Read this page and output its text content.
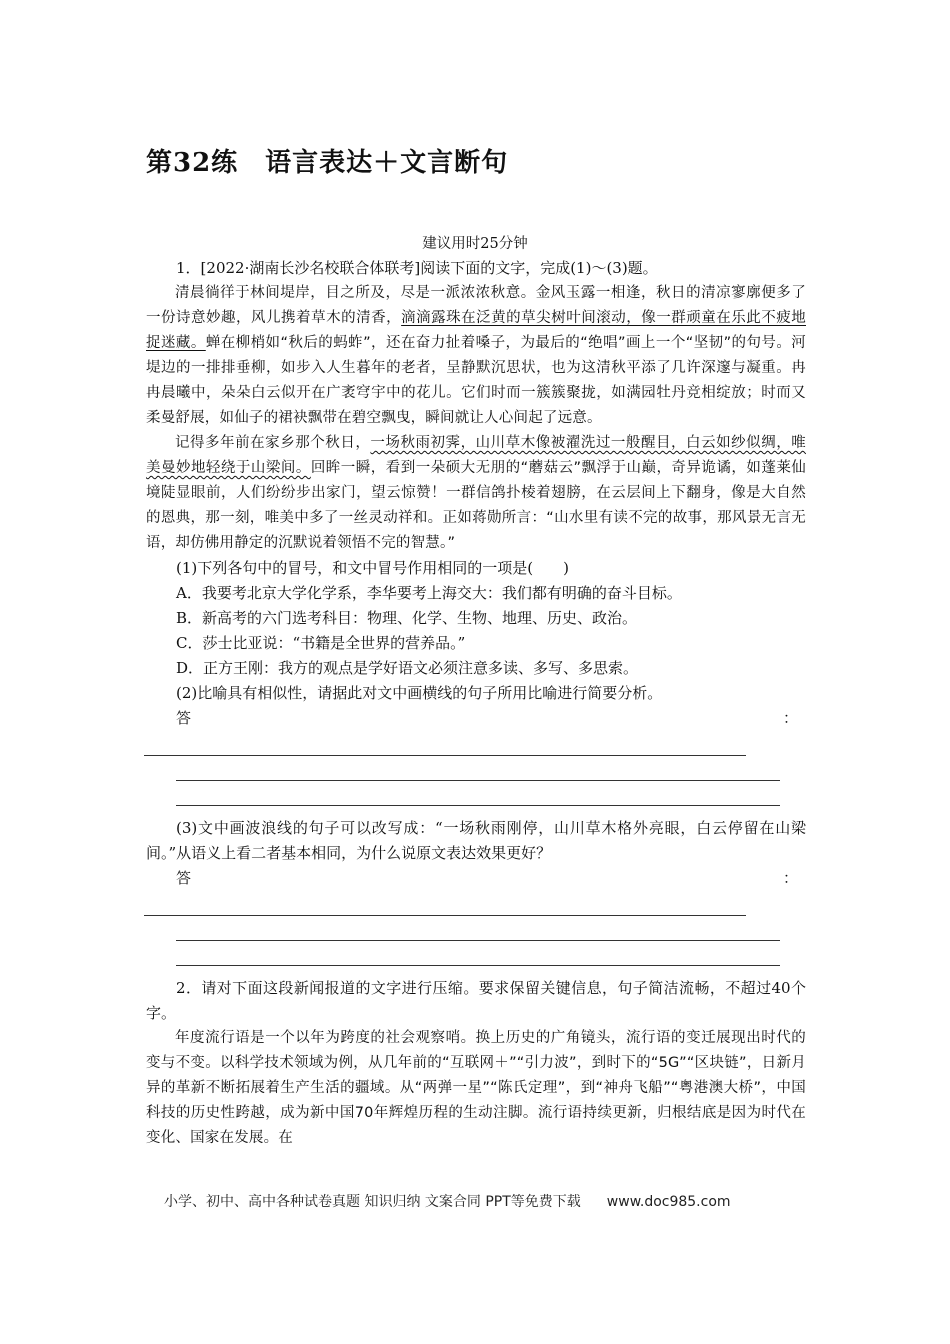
第32练　语言表达＋文言断句
建议用时25分钟

1．[2022·湖南长沙名校联合体联考]阅读下面的文字，完成(1)～(3)题。

清晨徜徉于林间堤岸，目之所及，尽是一派浓浓秋意。金风玉露一相逢，秋日的清凉寥廓便多了一份诗意妙趣，风儿携着草木的清香，滴滴露珠在泛黄的草尖树叶间滚动，像一群顽童在乐此不疲地捉迷藏。蝉在柳梢如“秋后的蚂蚱”，还在奋力扯着嗓子，为最后的“绝唱”画上一个“坚韧”的句号。河堤边的一排排垂柳，如步入人生暮年的老者，呈静默沉思状，也为这清秋平添了几许深邃与凝重。冉冉晨曦中，朵朵白云似开在广袤穹宇中的花儿。它们时而一簇簇聚拢，如满园牡丹竞相绽放；时而又柔曼舒展，如仙子的裙袂飘带在碧空飘曳，瞬间就让人心间起了远意。

记得多年前在家乡那个秋日，一场秋雨初霁，山川草木像被濯洗过一般醒目，白云如纱似绸，唯美曼妙地轻绕于山梁间。回眸一瞬，看到一朵硕大无朋的“蘑菇云”飘浮于山巅，奇异诡谲，如蓬莱仙境陡显眼前，人们纷纷步出家门，望云惊赞！一群信鸽扑棱着翅膀，在云层间上下翻身，像是大自然的恩典，那一刻，唯美中多了一丝灵动祥和。正如蒋勋所言：“山水里有读不完的故事，那风景无言无语，却仿佛用静定的沉默说着领悟不完的智慧。”

(1)下列各句中的冒号，和文中冒号作用相同的一项是(　　)

A．我要考北京大学化学系，李华要考上海交大：我们都有明确的奋斗目标。

B．新高考的六门选考科目：物理、化学、生物、地理、历史、政治。

C．莎士比亚说：“书籍是全世界的营养品。”

D．正方王刚：我方的观点是学好语文必须注意多读、多写、多思索。

(2)比喻具有相似性，请据此对文中画横线的句子所用比喻进行简要分析。

答	：

(3)文中画波浪线的句子可以改写成：“一场秋雨刚停，山川草木格外亮眼，白云停留在山梁间。”从语义上看二者基本相同，为什么说原文表达效果更好？

答	：

2．请对下面这段新闻报道的文字进行压缩。要求保留关键信息，句子简洁流畅，不超过40个字。

年度流行语是一个以年为跨度的社会观察哨。换上历史的广角镜头，流行语的变迁展现出时代的变与不变。以科学技术领域为例，从几年前的“互联网＋”“引力波”，到时下的“5G”“区块链”，日新月异的革新不断拓展着生产生活的疆域。从“两弹一星”“陈氏定理”，到“神舟飞船”“粤港澳大桥”，中国科技的历史性跨越，成为新中国70年辉煌历程的生动注脚。流行语持续更新，归根结底是因为时代在变化、国家在发展。在

小学、初中、高中各种试卷真题 知识归纳 文案合同 PPT等免费下载 www.doc985.com
